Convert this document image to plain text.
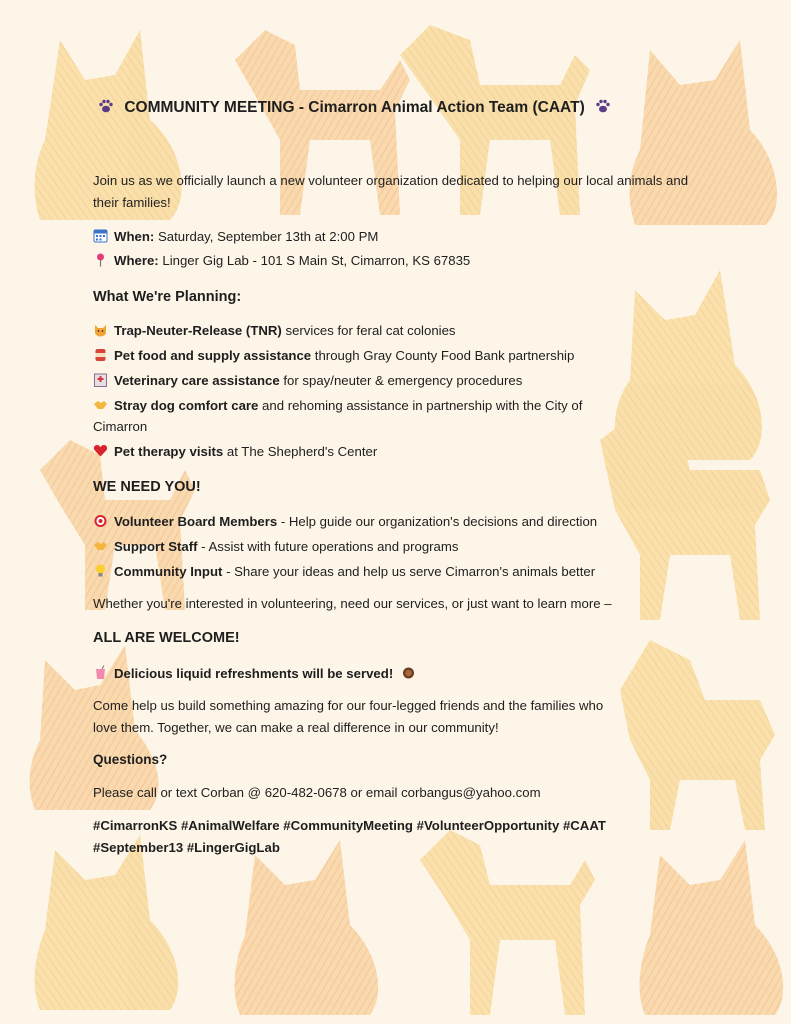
COMMUNITY MEETING - Cimarron Animal Action Team (CAAT)
Join us as we officially launch a new volunteer organization dedicated to helping our local animals and their families!
When: Saturday, September 13th at 2:00 PM
Where: Linger Gig Lab - 101 S Main St, Cimarron, KS 67835
What We're Planning:
Trap-Neuter-Release (TNR) services for feral cat colonies
Pet food and supply assistance through Gray County Food Bank partnership
Veterinary care assistance for spay/neuter & emergency procedures
Stray dog comfort care and rehoming assistance in partnership with the City of
Cimarron
Pet therapy visits at The Shepherd's Center
WE NEED YOU!
Volunteer Board Members - Help guide our organization's decisions and direction
Support Staff - Assist with future operations and programs
Community Input - Share your ideas and help us serve Cimarron's animals better
Whether you're interested in volunteering, need our services, or just want to learn more –
ALL ARE WELCOME!
Delicious liquid refreshments will be served!
Come help us build something amazing for our four-legged friends and the families who
love them. Together, we can make a real difference in our community!
Questions?
Please call or text Corban @ 620-482-0678 or email corbangus@yahoo.com
#CimarronKS #AnimalWelfare #CommunityMeeting #VolunteerOpportunity #CAAT
#September13 #LingerGigLab
